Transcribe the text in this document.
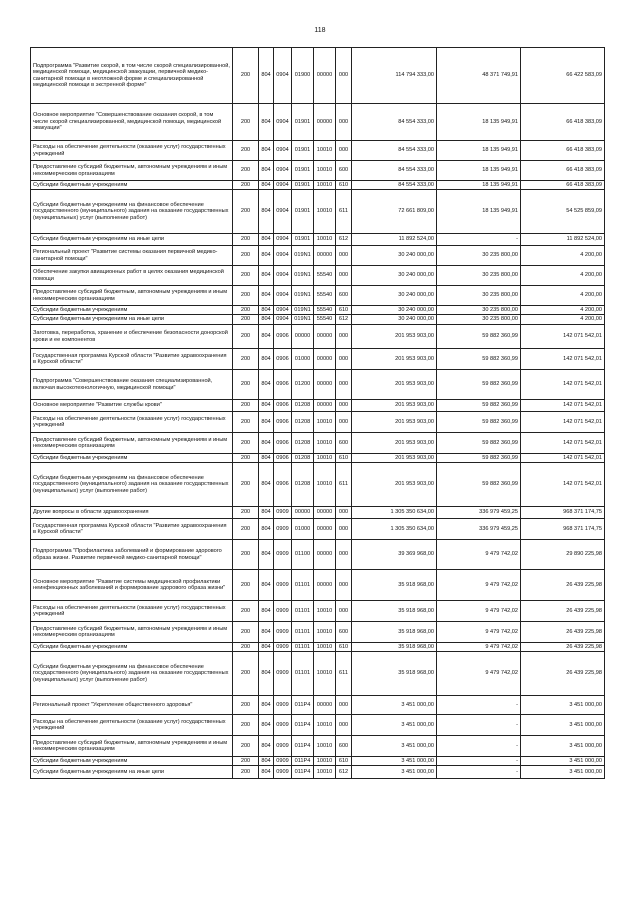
118
Подпрограмма "Развитие скорой, в том числе скорой специализированной, медицинской помощи, медицинской эвакуации, первичной медико-санитарной помощи в неотложной форме и специализированной медицинской помощи в экстренной форме"	200	804	0904	01900	00000	000	114 794 333,00	48 371 749,91	66 422 583,09
Основное мероприятие "Совершенствование оказания скорой, в том числе скорой специализированной, медицинской помощи, медицинской эвакуации"	200	804	0904	01901	00000	000	84 554 333,00	18 135 949,91	66 418 383,09
Расходы на обеспечение деятельности (оказание услуг) государственных учреждений	200	804	0904	01901	10010	000	84 554 333,00	18 135 949,91	66 418 383,09
Предоставление субсидий бюджетным, автономным учреждениям и иным некоммерческим организациям	200	804	0904	01901	10010	600	84 554 333,00	18 135 949,91	66 418 383,09
Субсидии бюджетным учреждениям	200	804	0904	01901	10010	610	84 554 333,00	18 135 949,91	66 418 383,09
Субсидии бюджетным учреждениям на финансовое обеспечение государственного (муниципального) задания на оказание государственных (муниципальных) услуг (выполнение работ)	200	804	0904	01901	10010	611	72 661 809,00	18 135 949,91	54 525 859,09
Субсидии бюджетным учреждениям на иные цели	200	804	0904	01901	10010	612	11 892 524,00	-	11 892 524,00
Региональный проект "Развитие системы оказания первичной медико-санитарной помощи"	200	804	0904	019N1	00000	000	30 240 000,00	30 235 800,00	4 200,00
Обеспечение закупки авиационных работ в целях оказания медицинской помощи	200	804	0904	019N1	55540	000	30 240 000,00	30 235 800,00	4 200,00
Предоставление субсидий бюджетным, автономным учреждениям и иным некоммерческим организациям	200	804	0904	019N1	55540	600	30 240 000,00	30 235 800,00	4 200,00
Субсидии бюджетным учреждениям	200	804	0904	019N1	55540	610	30 240 000,00	30 235 800,00	4 200,00
Субсидии бюджетным учреждениям на иные цели	200	804	0904	019N1	55540	612	30 240 000,00	30 235 800,00	4 200,00
Заготовка, переработка, хранение и обеспечение безопасности донорской крови и ее компонентов	200	804	0906	00000	00000	000	201 953 903,00	59 882 360,99	142 071 542,01
Государственная программа Курской области "Развитие здравоохранения в Курской области"	200	804	0906	01000	00000	000	201 953 903,00	59 882 360,99	142 071 542,01
Подпрограмма "Совершенствование оказания специализированной, включая высокотехнологичную, медицинской помощи"	200	804	0906	01200	00000	000	201 953 903,00	59 882 360,99	142 071 542,01
Основное мероприятие "Развитие службы крови"	200	804	0906	01208	00000	000	201 953 903,00	59 882 360,99	142 071 542,01
Расходы на обеспечение деятельности (оказание услуг) государственных учреждений	200	804	0906	01208	10010	000	201 953 903,00	59 882 360,99	142 071 542,01
Предоставление субсидий бюджетным, автономным учреждениям и иным некоммерческим организациям	200	804	0906	01208	10010	600	201 953 903,00	59 882 360,99	142 071 542,01
Субсидии бюджетным учреждениям	200	804	0906	01208	10010	610	201 953 903,00	59 882 360,99	142 071 542,01
Субсидии бюджетным учреждениям на финансовое обеспечение государственного (муниципального) задания на оказание государственных (муниципальных) услуг (выполнение работ)	200	804	0906	01208	10010	611	201 953 903,00	59 882 360,99	142 071 542,01
Другие вопросы в области здравоохранения	200	804	0909	00000	00000	000	1 305 350 634,00	336 979 459,25	968 371 174,75
Государственная программа Курской области "Развитие здравоохранения в Курской области"	200	804	0909	01000	00000	000	1 305 350 634,00	336 979 459,25	968 371 174,75
Подпрограмма "Профилактика заболеваний и формирование здорового образа жизни. Развитие первичной медико-санитарной помощи"	200	804	0909	01100	00000	000	39 369 968,00	9 479 742,02	29 890 225,98
Основное мероприятие "Развитие системы медицинской профилактики неинфекционных заболеваний и формирование здорового образа жизни"	200	804	0909	01101	00000	000	35 918 968,00	9 479 742,02	26 439 225,98
Расходы на обеспечение деятельности (оказание услуг) государственных учреждений	200	804	0909	01101	10010	000	35 918 968,00	9 479 742,02	26 439 225,98
Предоставление субсидий бюджетным, автономным учреждениям и иным некоммерческим организациям	200	804	0909	01101	10010	600	35 918 968,00	9 479 742,02	26 439 225,98
Субсидии бюджетным учреждениям	200	804	0909	01101	10010	610	35 918 968,00	9 479 742,02	26 439 225,98
Субсидии бюджетным учреждениям на финансовое обеспечение государственного (муниципального) задания на оказание государственных (муниципальных) услуг (выполнение работ)	200	804	0909	01101	10010	611	35 918 968,00	9 479 742,02	26 439 225,98
Региональный проект "Укрепление общественного здоровья"	200	804	0909	011P4	00000	000	3 451 000,00	-	3 451 000,00
Расходы на обеспечение деятельности (оказание услуг) государственных учреждений	200	804	0909	011P4	10010	000	3 451 000,00	-	3 451 000,00
Предоставление субсидий бюджетным, автономным учреждениям и иным некоммерческим организациям	200	804	0909	011P4	10010	600	3 451 000,00	-	3 451 000,00
Субсидии бюджетным учреждениям	200	804	0909	011P4	10010	610	3 451 000,00	-	3 451 000,00
Субсидии бюджетным учреждениям на иные цели	200	804	0909	011P4	10010	612	3 451 000,00	-	3 451 000,00
